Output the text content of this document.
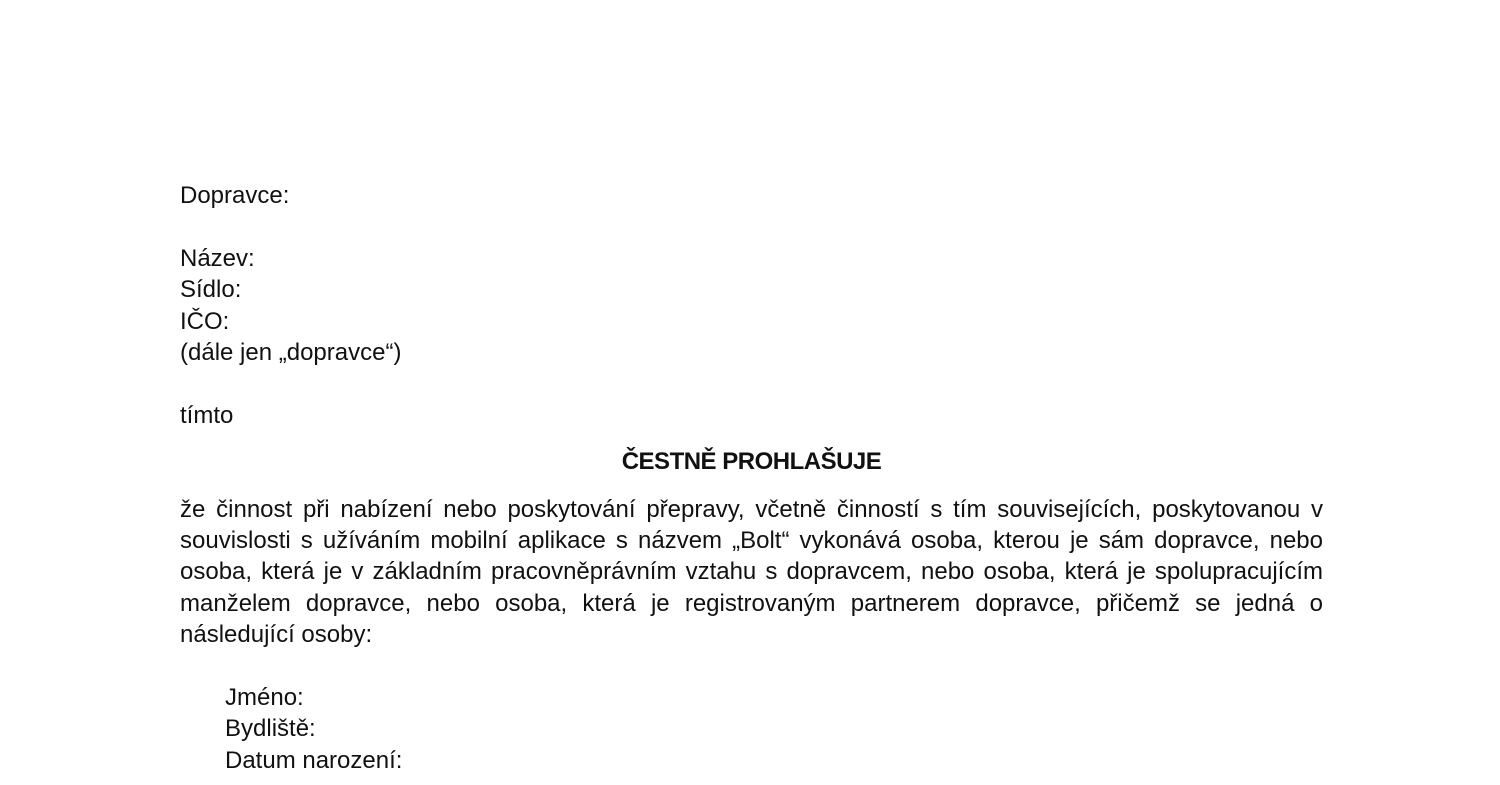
Dopravce:
Název:
Sídlo:
IČO:
(dále jen „dopravce“)
tímto
ČESTNĚ PROHLAŠUJE
že činnost při nabízení nebo poskytování přepravy, včetně činností s tím souvisejících, poskytovanou v souvislosti s užíváním mobilní aplikace s názvem „Bolt“ vykonává osoba, kterou je sám dopravce, nebo osoba, která je v základním pracovněprávním vztahu s dopravcem, nebo osoba, která je spolupracujícím manželem dopravce, nebo osoba, která je registrovaným partnerem dopravce, přičemž se jedná o následující osoby:
Jméno:
Bydliště:
Datum narození:
